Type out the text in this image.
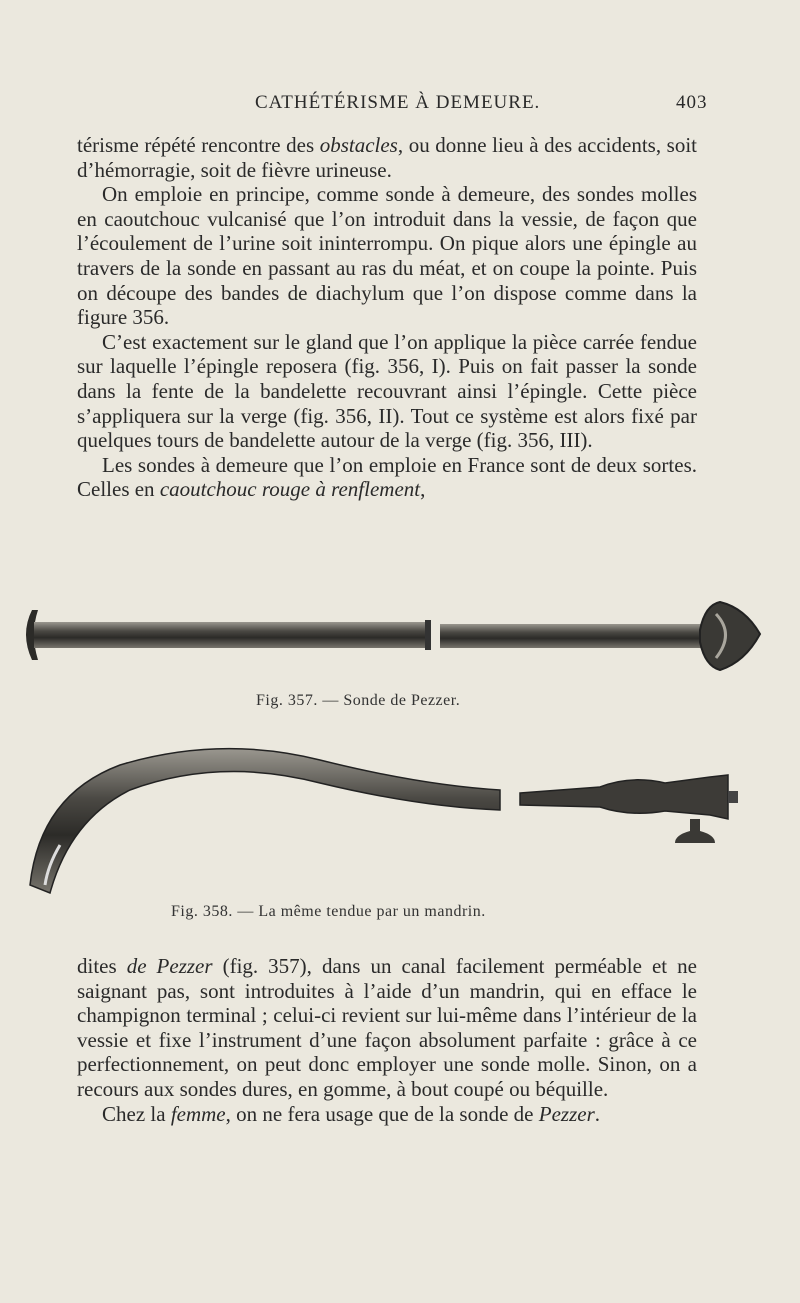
CATHÉTÉRISME À DEMEURE.	403

térisme répété rencontre des obstacles, ou donne lieu à des accidents, soit d’hémorragie, soit de fièvre urineuse.

On emploie en principe, comme sonde à demeure, des sondes molles en caoutchouc vulcanisé que l’on introduit dans la vessie, de façon que l’écoulement de l’urine soit ininterrompu. On pique alors une épingle au travers de la sonde en passant au ras du méat, et on coupe la pointe. Puis on découpe des bandes de diachylum que l’on dispose comme dans la figure 356.

C’est exactement sur le gland que l’on applique la pièce carrée fendue sur laquelle l’épingle reposera (fig. 356, I). Puis on fait passer la sonde dans la fente de la bandelette recouvrant ainsi l’épingle. Cette pièce s’appliquera sur la verge (fig. 356, II). Tout ce système est alors fixé par quelques tours de bandelette autour de la verge (fig. 356, III).

Les sondes à demeure que l’on emploie en France sont de deux sortes. Celles en caoutchouc rouge à renflement,

Fig. 357. — Sonde de Pezzer.
Fig. 358. — La même tendue par un mandrin.

dites de Pezzer (fig. 357), dans un canal facilement perméable et ne saignant pas, sont introduites à l’aide d’un mandrin, qui en efface le champignon terminal ; celui-ci revient sur lui-même dans l’intérieur de la vessie et fixe l’instrument d’une façon absolument parfaite : grâce à ce perfectionnement, on peut donc employer une sonde molle. Sinon, on a recours aux sondes dures, en gomme, à bout coupé ou béquille.

Chez la femme, on ne fera usage que de la sonde de Pezzer.
